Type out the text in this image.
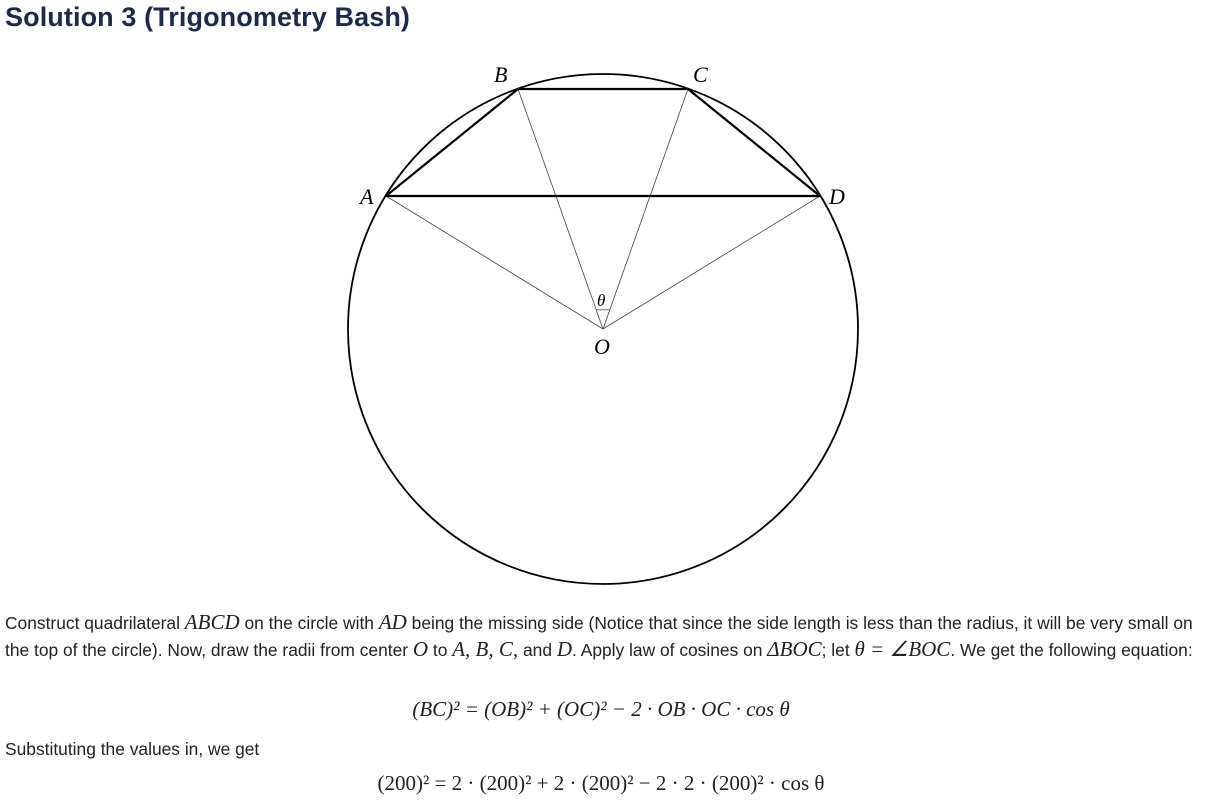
Solution 3 (Trigonometry Bash)
A
B	C
D
O
θ

Construct quadrilateral ABCD on the circle with AD being the missing side (Notice that since the side length is less than the radius, it will be very small on the top of the circle). Now, draw the radii from center O to A, B, C, and D. Apply law of cosines on ΔBOC; let θ = ∠BOC. We get the following equation:

(BC)² = (OB)² + (OC)² − 2 · OB · OC · cos θ

Substituting the values in, we get

(200)² = 2 · (200)² + 2 · (200)² − 2 · 2 · (200)² · cos θ
